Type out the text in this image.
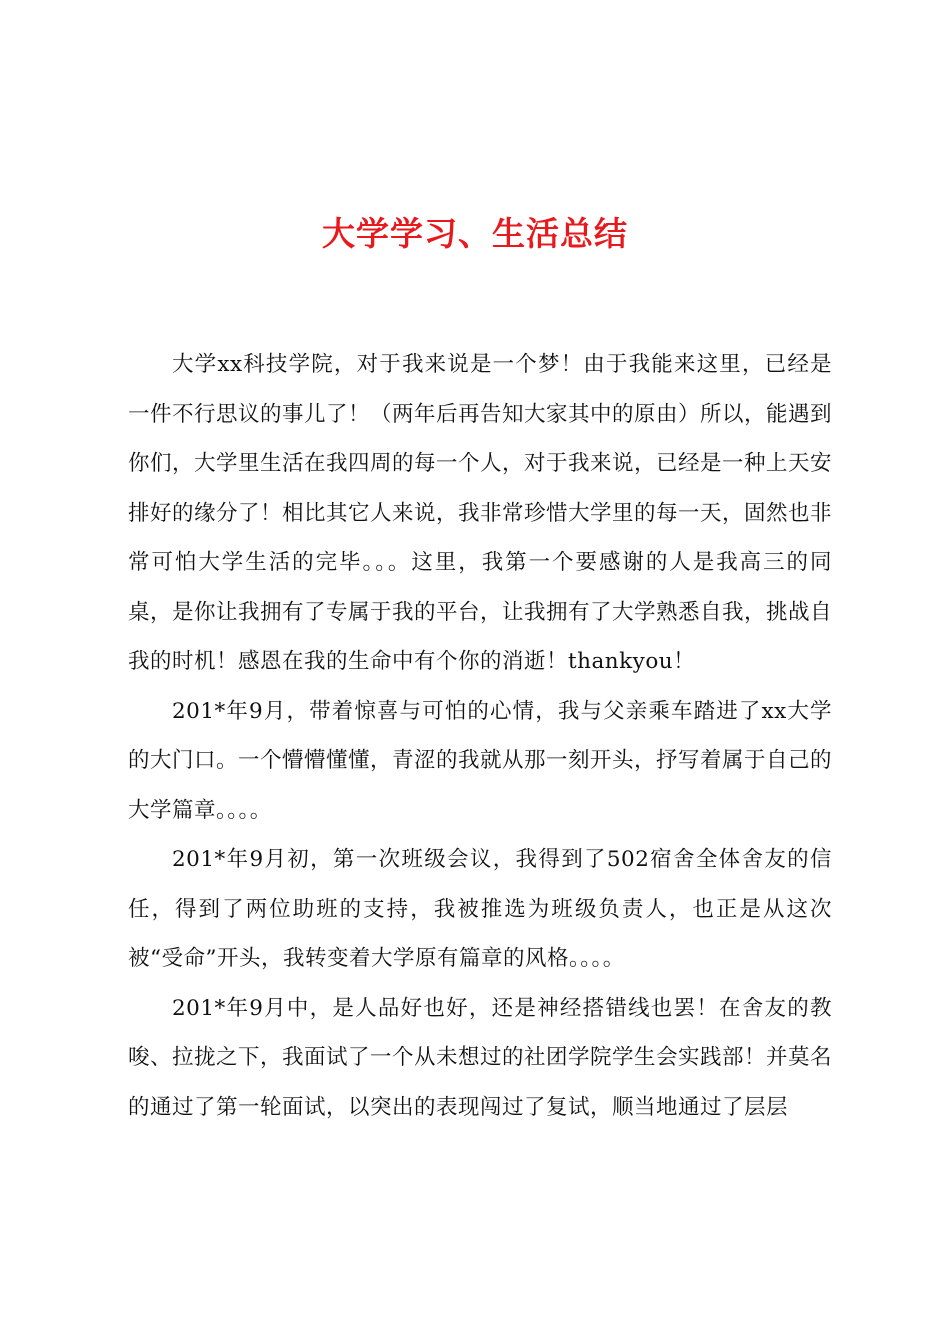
大学学习、生活总结

大学xx科技学院，对于我来说是一个梦！由于我能来这里，已经是一件不行思议的事儿了！（两年后再告知大家其中的原由）所以，能遇到你们，大学里生活在我四周的每一个人，对于我来说，已经是一种上天安排好的缘分了！相比其它人来说，我非常珍惜大学里的每一天，固然也非常可怕大学生活的完毕。。。这里，我第一个要感谢的人是我高三的同桌，是你让我拥有了专属于我的平台，让我拥有了大学熟悉自我，挑战自我的时机！感恩在我的生命中有个你的消逝！thankyou！

201*年9月，带着惊喜与可怕的心情，我与父亲乘车踏进了xx大学的大门口。一个懵懵懂懂，青涩的我就从那一刻开头，抒写着属于自己的大学篇章。。。。

201*年9月初，第一次班级会议，我得到了502宿舍全体舍友的信任，得到了两位助班的支持，我被推选为班级负责人，也正是从这次被“受命”开头，我转变着大学原有篇章的风格。。。。

201*年9月中，是人品好也好，还是神经搭错线也罢！在舍友的教唆、拉拢之下，我面试了一个从未想过的社团学院学生会实践部！并莫名的通过了第一轮面试，以突出的表现闯过了复试，顺当地通过了层层
